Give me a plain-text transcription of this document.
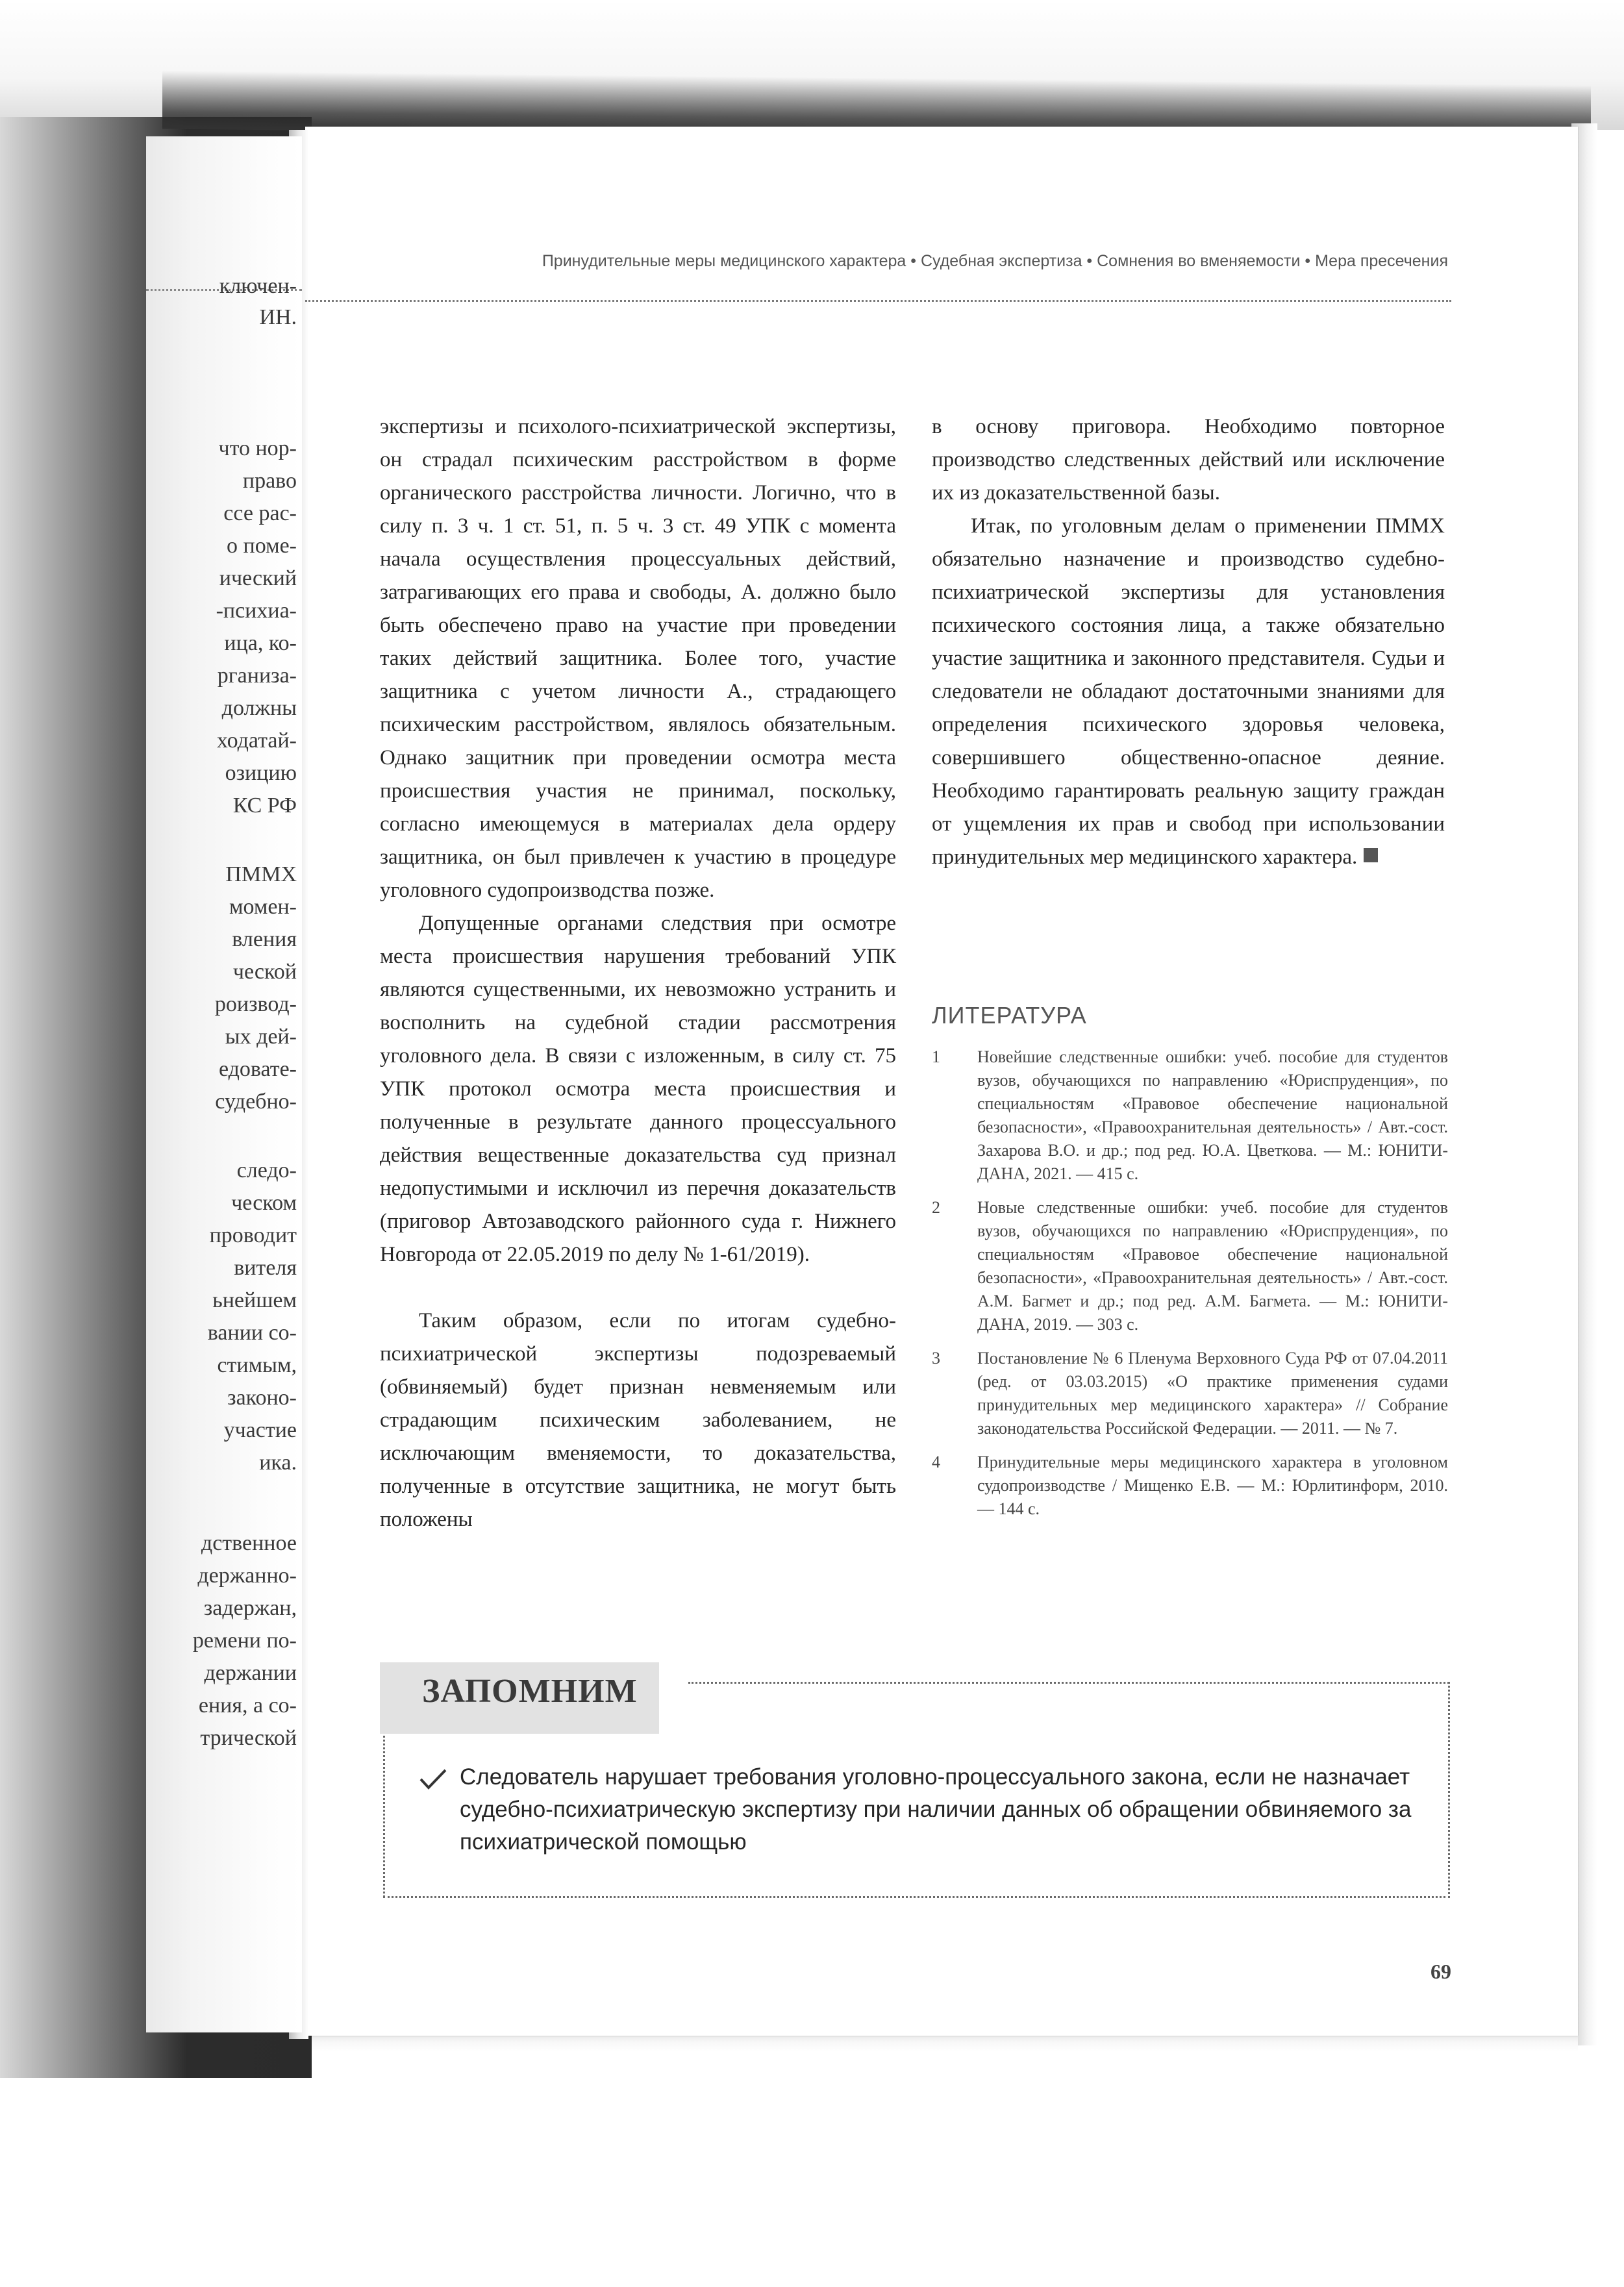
ключен-
ИН.
что нор-
право
ссе рас-
о поме-
ический
-психиа-
ица, ко-
рганиза-
должны
ходатай-
озицию
КС РФ
ПММХ
момен-
вления
ческой
роизвод-
ых дей-
едовате-
судебно-
следо-
ческом
проводит
вителя
ьнейшем
вании со-
стимым,
законо-
участие
ика.
дственное
держанно-
задержан,
ремени по-
держании
ения, а со-
трической
Принудительные меры медицинского характера • Судебная экспертиза • Сомнения во вменяемости • Мера пресечения

экспертизы и психолого-психиатрической экспертизы, он страдал психическим расстройством в форме органического расстройства личности. Логично, что в силу п. 3 ч. 1 ст. 51, п. 5 ч. 3 ст. 49 УПК с момента начала осуществления процессуальных действий, затрагивающих его права и свободы, А. должно было быть обеспечено право на участие при проведении таких действий защитника. Более того, участие защитника с учетом личности А., страдающего психическим расстройством, являлось обязательным. Однако защитник при проведении осмотра места происшествия участия не принимал, поскольку, согласно имеющемуся в материалах дела ордеру защитника, он был привлечен к участию в процедуре уголовного судопроизводства позже.

Допущенные органами следствия при осмотре места происшествия нарушения требований УПК являются существенными, их невозможно устранить и восполнить на судебной стадии рассмотрения уголовного дела. В связи с изложенным, в силу ст. 75 УПК протокол осмотра места происшествия и полученные в результате данного процессуального действия вещественные доказательства суд признал недопустимыми и исключил из перечня доказательств (приговор Автозаводского районного суда г. Нижнего Новгорода от 22.05.2019 по делу № 1-61/2019).

Таким образом, если по итогам судебно-психиатрической экспертизы подозреваемый (обвиняемый) будет признан невменяемым или страдающим психическим заболеванием, не исключающим вменяемости, то доказательства, полученные в отсутствие защитника, не могут быть положены

в основу приговора. Необходимо повторное производство следственных действий или исключение их из доказательственной базы.

Итак, по уголовным делам о применении ПММХ обязательно назначение и производство судебно-психиатрической экспертизы для установления психического состояния лица, а также обязательно участие защитника и законного представителя. Судьи и следователи не обладают достаточными знаниями для определения психического здоровья человека, совершившего общественно-опасное деяние. Необходимо гарантировать реальную защиту граждан от ущемления их прав и свобод при использовании принудительных мер медицинского характера.

ЛИТЕРАТУРА
1	Новейшие следственные ошибки: учеб. пособие для студентов вузов, обучающихся по направлению «Юриспруденция», по специальностям «Правовое обеспечение национальной безопасности», «Правоохранительная деятельность» / Авт.-сост. Захарова В.О. и др.; под ред. Ю.А. Цветкова. — М.: ЮНИТИ-ДАНА, 2021. — 415 с.
2	Новые следственные ошибки: учеб. пособие для студентов вузов, обучающихся по направлению «Юриспруденция», по специальностям «Правовое обеспечение национальной безопасности», «Правоохранительная деятельность» / Авт.-сост. А.М. Багмет и др.; под ред. А.М. Багмета. — М.: ЮНИТИ-ДАНА, 2019. — 303 с.
3	Постановление № 6 Пленума Верховного Суда РФ от 07.04.2011 (ред. от 03.03.2015) «О практике применения судами принудительных мер медицинского характера» // Собрание законодательства Российской Федерации. — 2011. — № 7.
4	Принудительные меры медицинского характера в уголовном судопроизводстве / Мищенко Е.В. — М.: Юрлитинформ, 2010. — 144 с.
ЗАПОМНИМ
Следователь нарушает требования уголовно-процессуального закона, если не назначает судебно-психиатрическую экспертизу при наличии данных об обращении обвиняемого за психиатрической помощью
69
